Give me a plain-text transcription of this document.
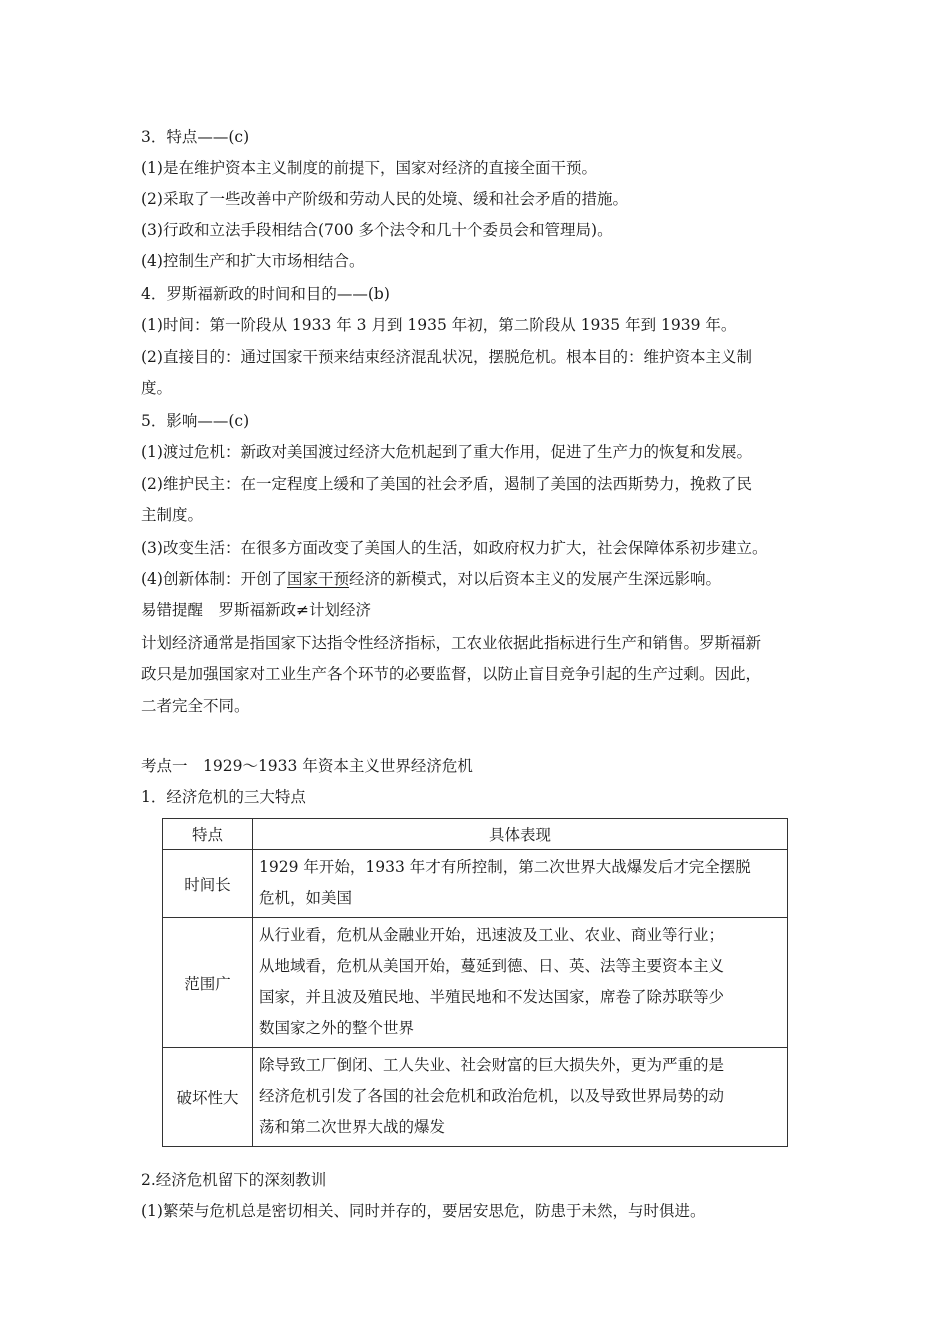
3．特点——(c)
(1)是在维护资本主义制度的前提下，国家对经济的直接全面干预。
(2)采取了一些改善中产阶级和劳动人民的处境、缓和社会矛盾的措施。
(3)行政和立法手段相结合(700 多个法令和几十个委员会和管理局)。
(4)控制生产和扩大市场相结合。
4．罗斯福新政的时间和目的——(b)
(1)时间：第一阶段从 1933 年 3 月到 1935 年初，第二阶段从 1935 年到 1939 年。
(2)直接目的：通过国家干预来结束经济混乱状况，摆脱危机。根本目的：维护资本主义制
度。
5．影响——(c)
(1)渡过危机：新政对美国渡过经济大危机起到了重大作用，促进了生产力的恢复和发展。
(2)维护民主：在一定程度上缓和了美国的社会矛盾，遏制了美国的法西斯势力，挽救了民
主制度。
(3)改变生活：在很多方面改变了美国人的生活，如政府权力扩大，社会保障体系初步建立。
(4)创新体制：开创了国家干预经济的新模式，对以后资本主义的发展产生深远影响。
易错提醒　罗斯福新政≠计划经济
计划经济通常是指国家下达指令性经济指标，工农业依据此指标进行生产和销售。罗斯福新
政只是加强国家对工业生产各个环节的必要监督，以防止盲目竞争引起的生产过剩。因此，
二者完全不同。
考点一　1929～1933 年资本主义世界经济危机
1．经济危机的三大特点
特点	具体表现
时间长	1929 年开始，1933 年才有所控制，第二次世界大战爆发后才完全摆脱
危机，如美国

范围广	从行业看，危机从金融业开始，迅速波及工业、农业、商业等行业；
从地域看，危机从美国开始，蔓延到德、日、英、法等主要资本主义
国家，并且波及殖民地、半殖民地和不发达国家，席卷了除苏联等少
数国家之外的整个世界

破坏性大	除导致工厂倒闭、工人失业、社会财富的巨大损失外，更为严重的是
经济危机引发了各国的社会危机和政治危机，以及导致世界局势的动
荡和第二次世界大战的爆发
2.经济危机留下的深刻教训
(1)繁荣与危机总是密切相关、同时并存的，要居安思危，防患于未然，与时俱进。
